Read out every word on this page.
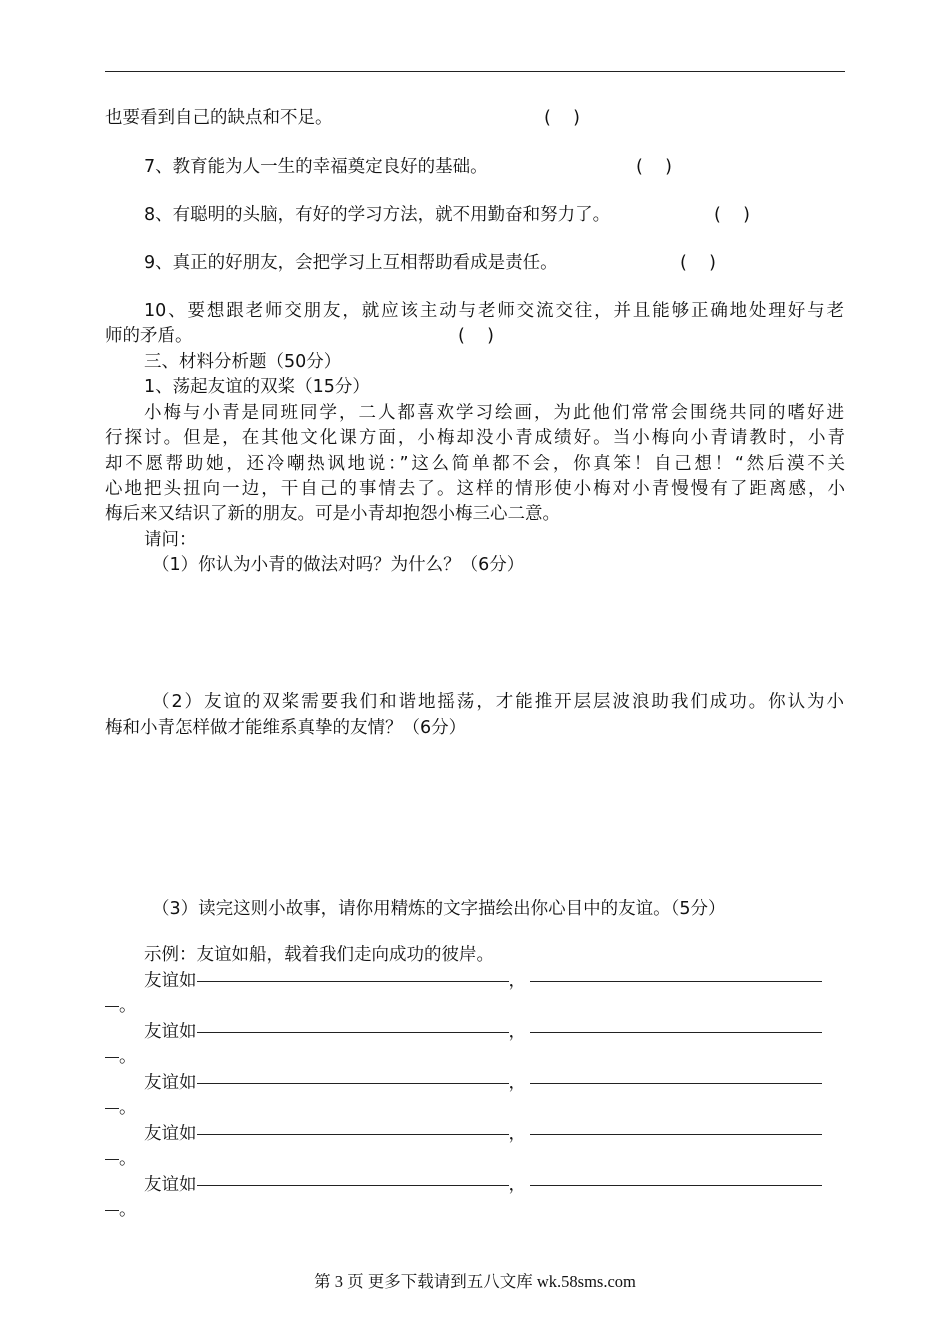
也要看到自己的缺点和不足。	(    )
7、教育能为人一生的幸福奠定良好的基础。	(    )
8、有聪明的头脑，有好的学习方法，就不用勤奋和努力了。	(    )
9、真正的好朋友，会把学习上互相帮助看成是责任。	(    )
10、要想跟老师交朋友，就应该主动与老师交流交往，并且能够正确地处理好与老
师的矛盾。	(    )
三、材料分析题（50分）
1、荡起友谊的双桨（15分）
小梅与小青是同班同学，二人都喜欢学习绘画，为此他们常常会围绕共同的嗜好进
行探讨。但是，在其他文化课方面，小梅却没小青成绩好。当小梅向小青请教时，小青
却不愿帮助她，还冷嘲热讽地说：”这么简单都不会，你真笨！自己想！“然后漠不关
心地把头扭向一边，干自己的事情去了。这样的情形使小梅对小青慢慢有了距离感，小
梅后来又结识了新的朋友。可是小青却抱怨小梅三心二意。
请问：
（1）你认为小青的做法对吗？为什么？（6分）
（2）友谊的双桨需要我们和谐地摇荡，才能推开层层波浪助我们成功。你认为小
梅和小青怎样做才能维系真挚的友情？（6分）
（3）读完这则小故事，请你用精炼的文字描绘出你心目中的友谊。（5分）
示例：友谊如船，载着我们走向成功的彼岸。
友谊如	，
。
友谊如	，
。
友谊如	，
。
友谊如	，
。
友谊如	，
。
第 3 页 更多下载请到五八文库 wk.58sms.com
